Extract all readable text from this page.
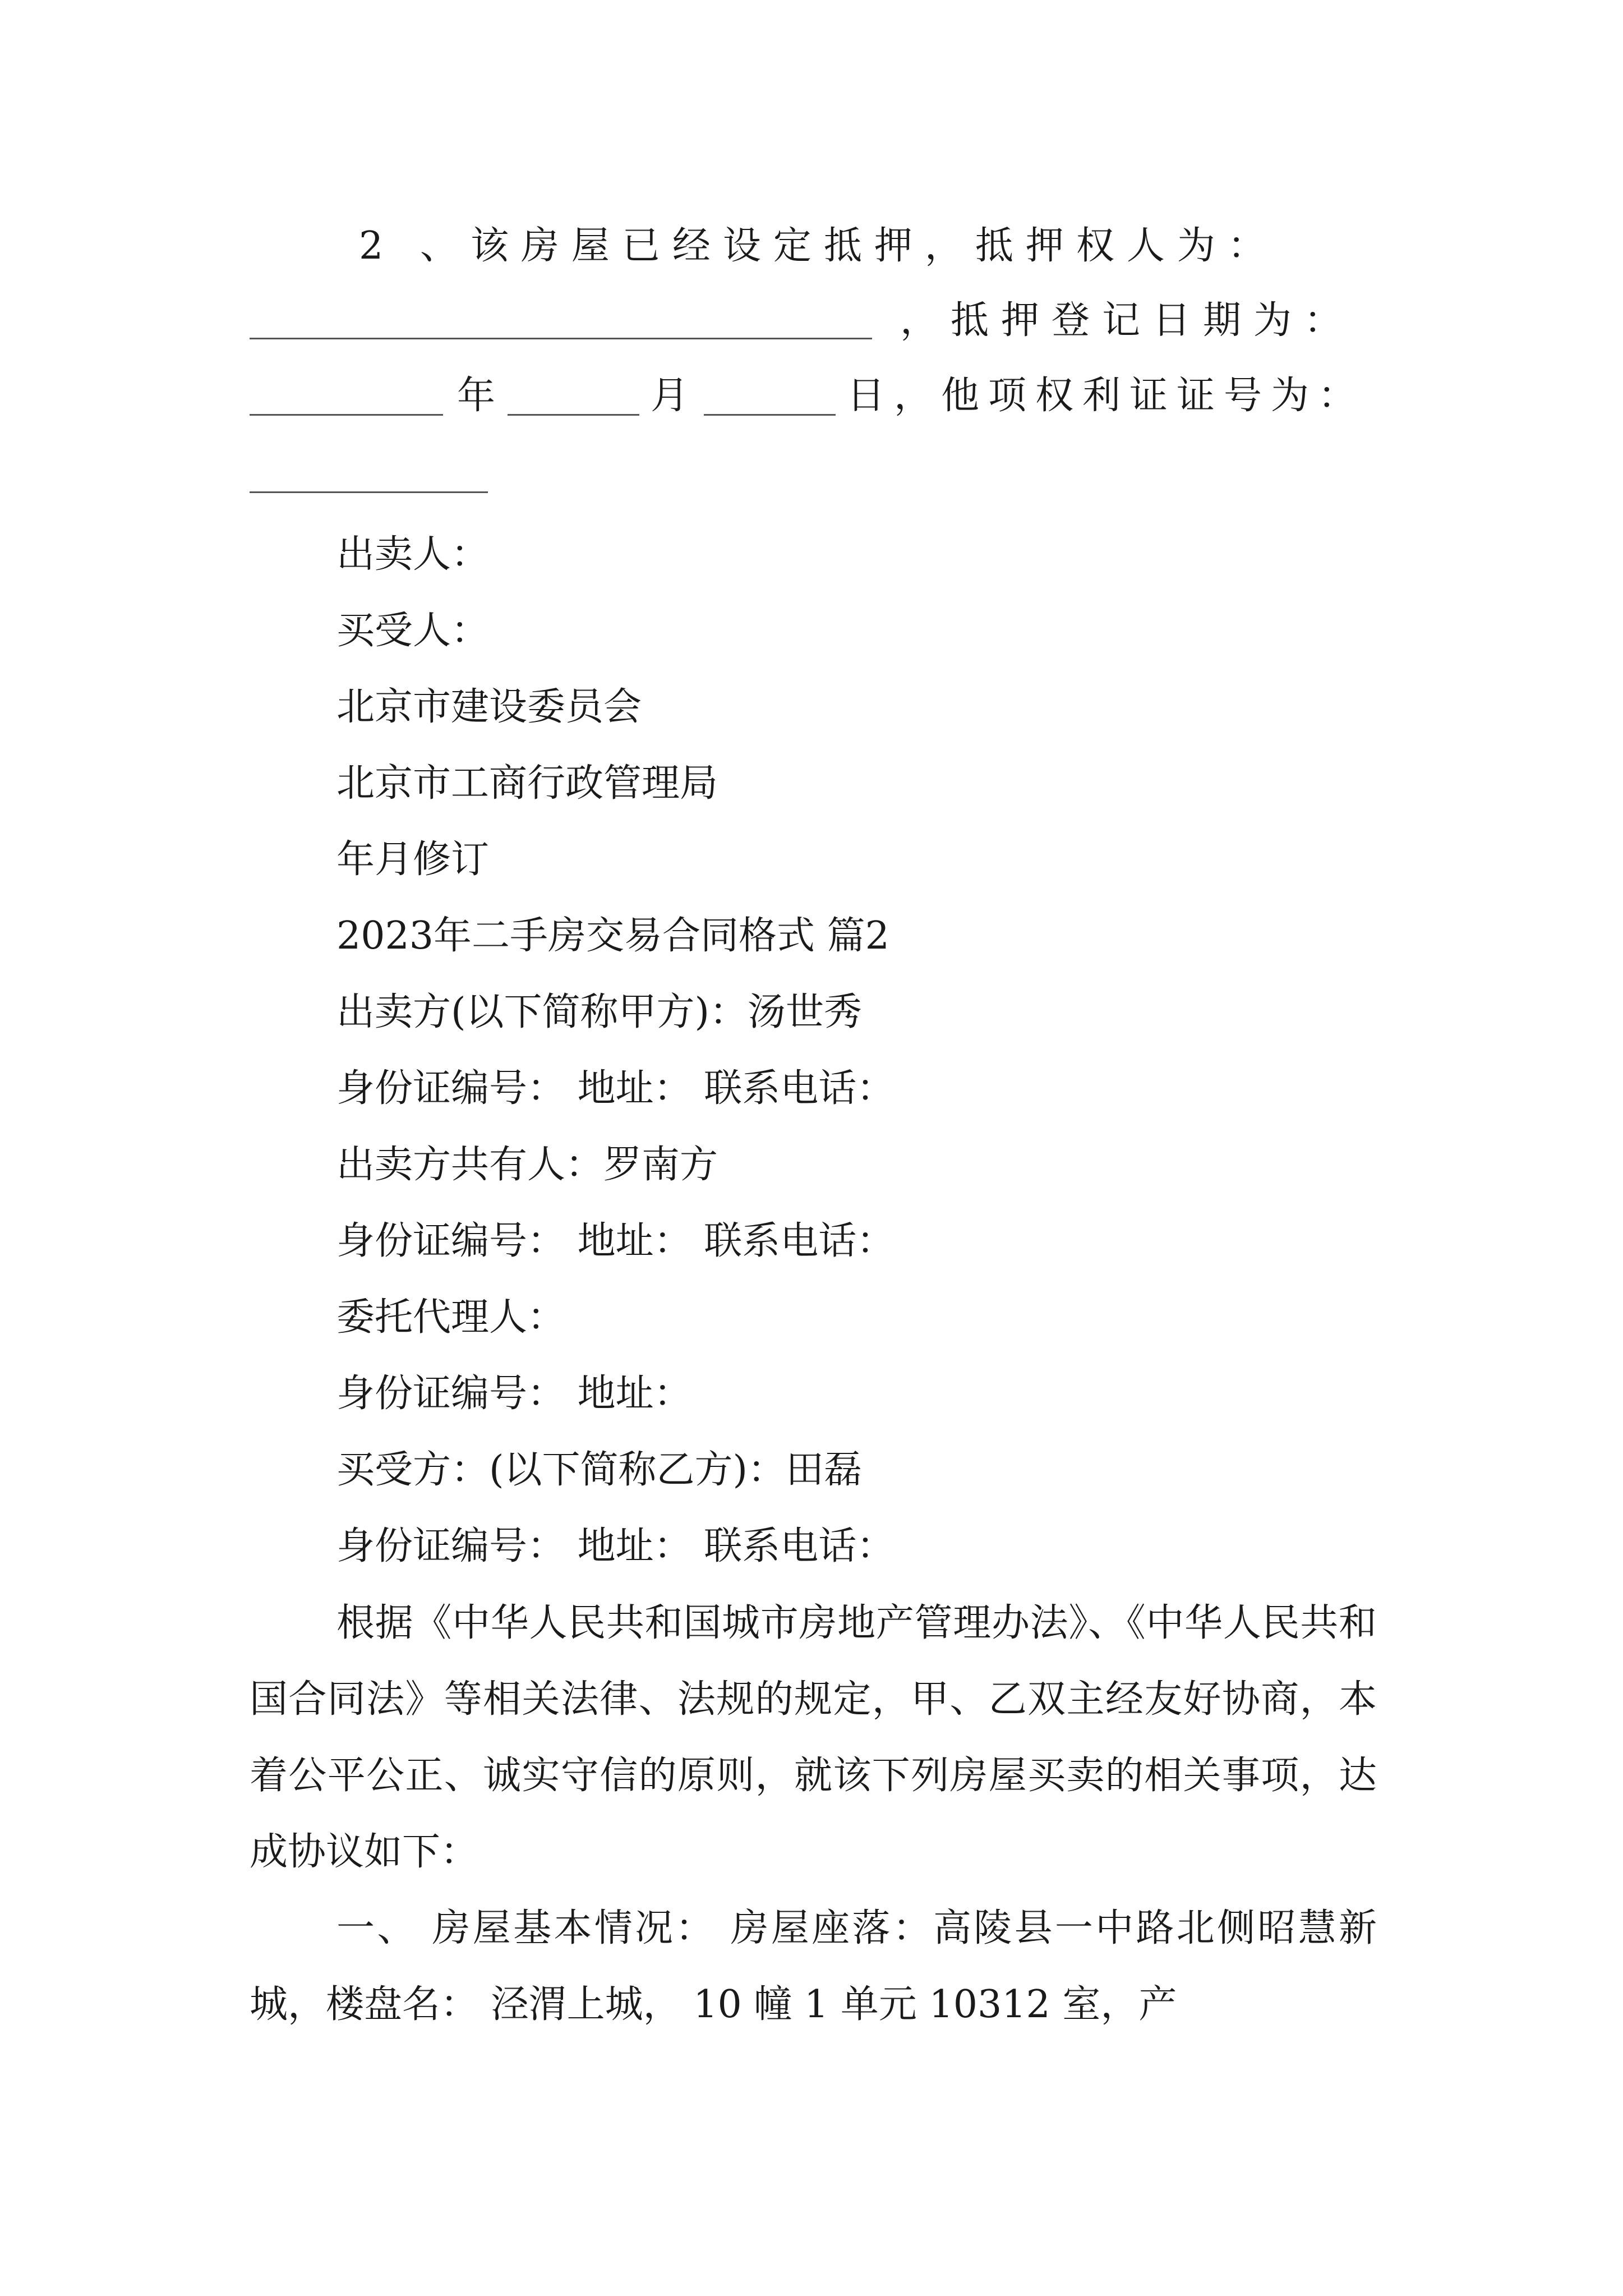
2 、该房屋已经设定抵押，抵押权人为：
，抵押登记日期为：
年	月	日，他项权利证证号为：
出卖人：
买受人：
北京市建设委员会
北京市工商行政管理局
年月修订
2023年二手房交易合同格式 篇2
出卖方(以下简称甲方)：汤世秀
身份证编号： 地址： 联系电话：
出卖方共有人：罗南方
身份证编号： 地址： 联系电话：
委托代理人：
身份证编号： 地址：
买受方：(以下简称乙方)：田磊
身份证编号： 地址： 联系电话：
根据《中华人民共和国城市房地产管理办法》、《中华人民共和国合同法》等相关法律、法规的规定，甲、乙双主经友好协商，本着公平公正、诚实守信的原则，就该下列房屋买卖的相关事项，达成协议如下：
一、 房屋基本情况： 房屋座落：高陵县一中路北侧昭慧新城，楼盘名： 泾渭上城， 10 幢 1 单元 10312 室，产
